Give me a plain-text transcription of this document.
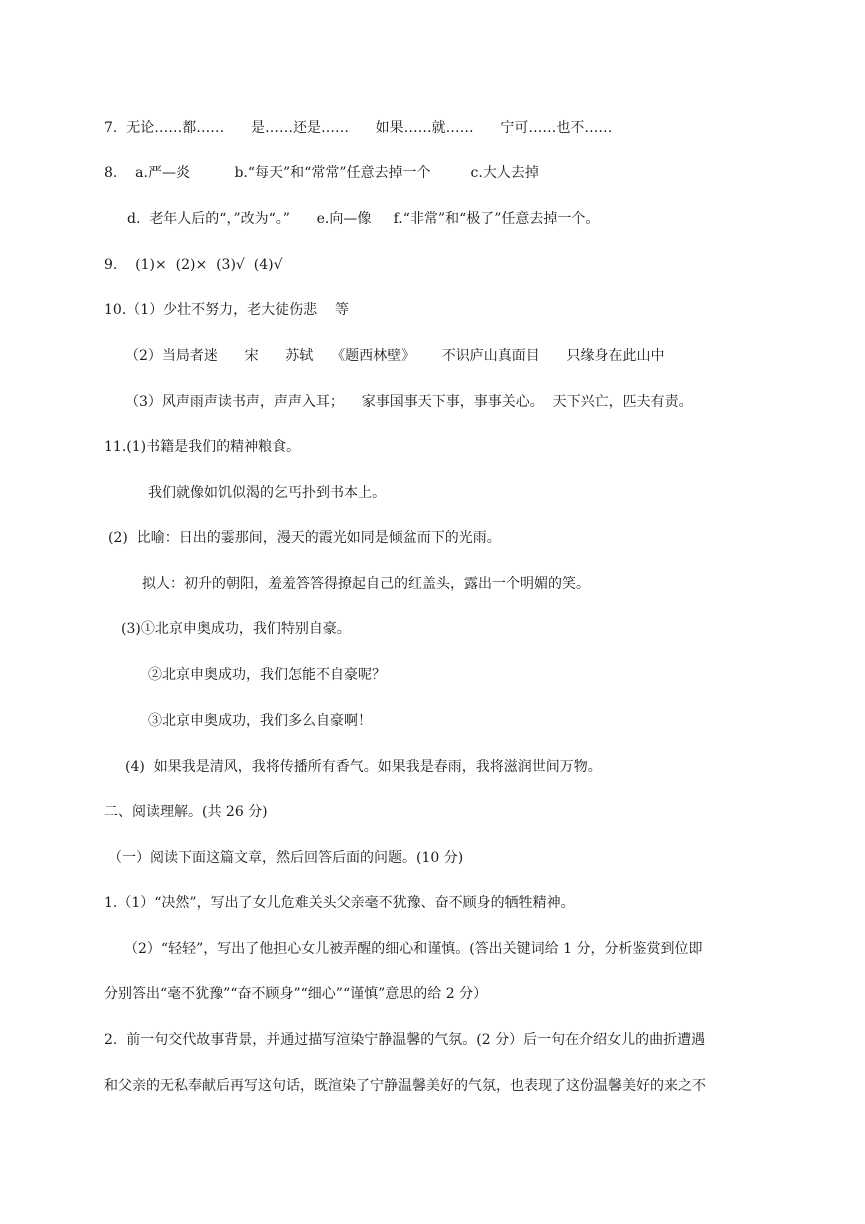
7.  无论……都……      是……还是……      如果……就……      宁可……也不……
8.    a.严—炎          b.“每天”和“常常”任意去掉一个         c.大人去掉
d.  老年人后的“，”改为“。”      e.向—像     f.“非常”和“极了”任意去掉一个。
9.    (1)×  (2)×  (3)√  (4)√
10.（1）少壮不努力，老大徒伤悲    等
（2）当局者迷      宋      苏轼    《题西林壁》      不识庐山真面目      只缘身在此山中
（3）风声雨声读书声，声声入耳；    家事国事天下事，事事关心。  天下兴亡，匹夫有责。
11.(1)书籍是我们的精神粮食。
我们就像如饥似渴的乞丐扑到书本上。
(2)  比喻：日出的霎那间，漫天的霞光如同是倾盆而下的光雨。
拟人：初升的朝阳，羞羞答答得撩起自己的红盖头，露出一个明媚的笑。
(3)①北京申奥成功，我们特别自豪。
②北京申奥成功，我们怎能不自豪呢？
③北京申奥成功，我们多么自豪啊！
(4)  如果我是清风，我将传播所有香气。如果我是春雨，我将滋润世间万物。
二、阅读理解。(共 26 分)
（一）阅读下面这篇文章，然后回答后面的问题。(10 分)
1.（1）“决然”，写出了女儿危难关头父亲毫不犹豫、奋不顾身的牺牲精神。
（2）“轻轻”，写出了他担心女儿被弄醒的细心和谨慎。(答出关键词给 1 分，分析鉴赏到位即
分别答出“毫不犹豫”“奋不顾身”“细心”“谨慎”意思的给 2 分）
2.  前一句交代故事背景，并通过描写渲染宁静温馨的气氛。(2 分）后一句在介绍女儿的曲折遭遇
和父亲的无私奉献后再写这句话，既渲染了宁静温馨美好的气氛，也表现了这份温馨美好的来之不
